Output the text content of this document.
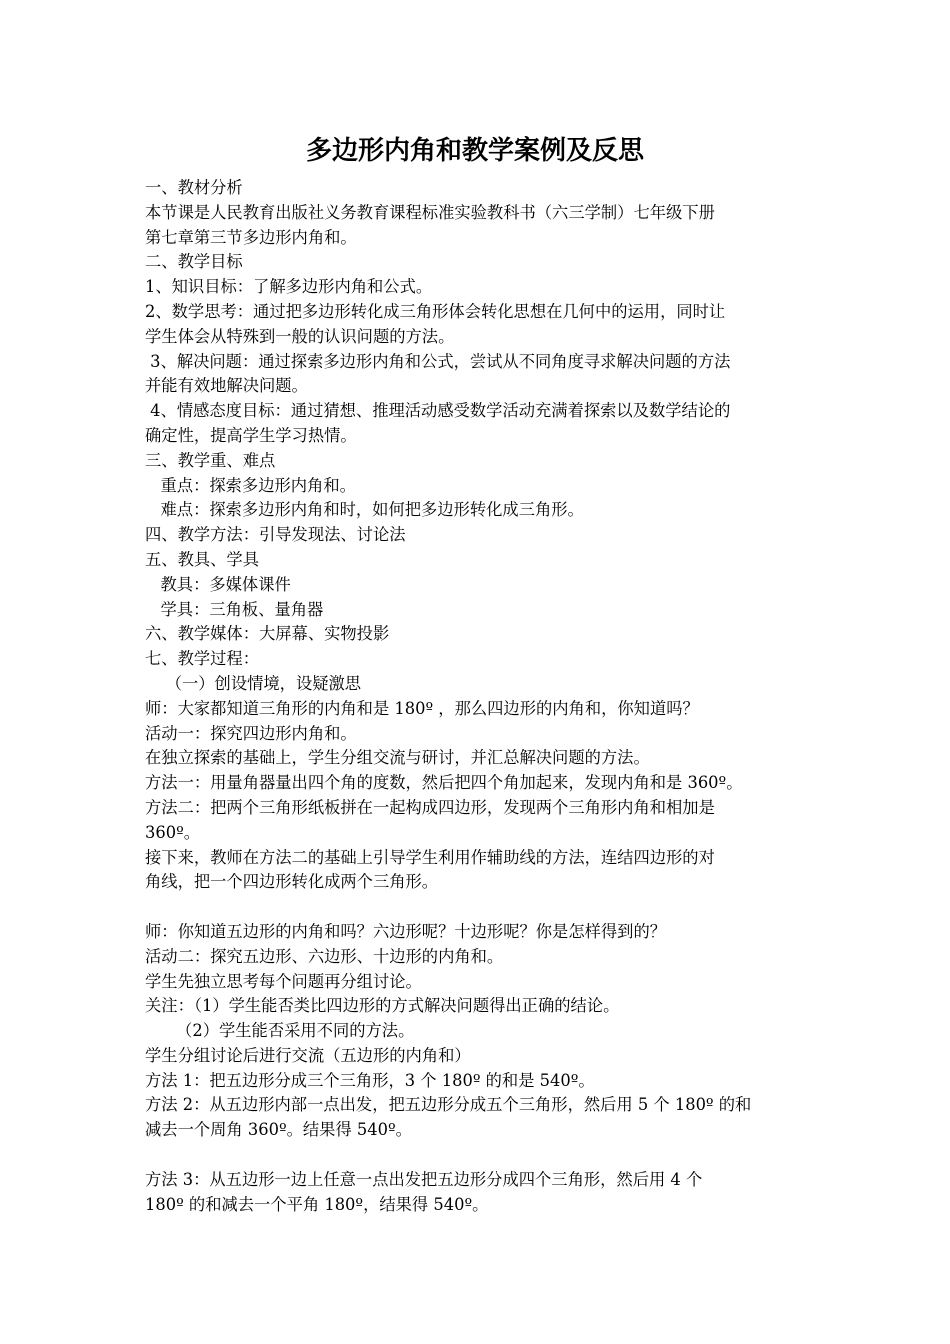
多边形内角和教学案例及反思
一、教材分析
本节课是人民教育出版社义务教育课程标准实验教科书（六三学制）七年级下册
第七章第三节多边形内角和。
二、教学目标
1、知识目标：了解多边形内角和公式。
2、数学思考：通过把多边形转化成三角形体会转化思想在几何中的运用，同时让
学生体会从特殊到一般的认识问题的方法。
3、解决问题：通过探索多边形内角和公式，尝试从不同角度寻求解决问题的方法
并能有效地解决问题。
4、情感态度目标：通过猜想、推理活动感受数学活动充满着探索以及数学结论的
确定性，提高学生学习热情。
三、教学重、难点
重点：探索多边形内角和。
难点：探索多边形内角和时，如何把多边形转化成三角形。
四、教学方法：引导发现法、讨论法
五、教具、学具
教具：多媒体课件
学具：三角板、量角器
六、教学媒体：大屏幕、实物投影
七、教学过程：
（一）创设情境，设疑激思
师：大家都知道三角形的内角和是 180º ，那么四边形的内角和，你知道吗？
活动一：探究四边形内角和。
在独立探索的基础上，学生分组交流与研讨，并汇总解决问题的方法。
方法一：用量角器量出四个角的度数，然后把四个角加起来，发现内角和是 360º。
方法二：把两个三角形纸板拼在一起构成四边形，发现两个三角形内角和相加是
360º。
接下来，教师在方法二的基础上引导学生利用作辅助线的方法，连结四边形的对
角线，把一个四边形转化成两个三角形。
师：你知道五边形的内角和吗？六边形呢？十边形呢？你是怎样得到的？
活动二：探究五边形、六边形、十边形的内角和。
学生先独立思考每个问题再分组讨论。
关注：（1）学生能否类比四边形的方式解决问题得出正确的结论。
（2）学生能否采用不同的方法。
学生分组讨论后进行交流（五边形的内角和）
方法 1：把五边形分成三个三角形，3 个 180º 的和是 540º。
方法 2：从五边形内部一点出发，把五边形分成五个三角形，然后用 5 个 180º 的和
减去一个周角 360º。结果得 540º。
方法 3：从五边形一边上任意一点出发把五边形分成四个三角形，然后用 4 个
180º 的和减去一个平角 180º，结果得 540º。
